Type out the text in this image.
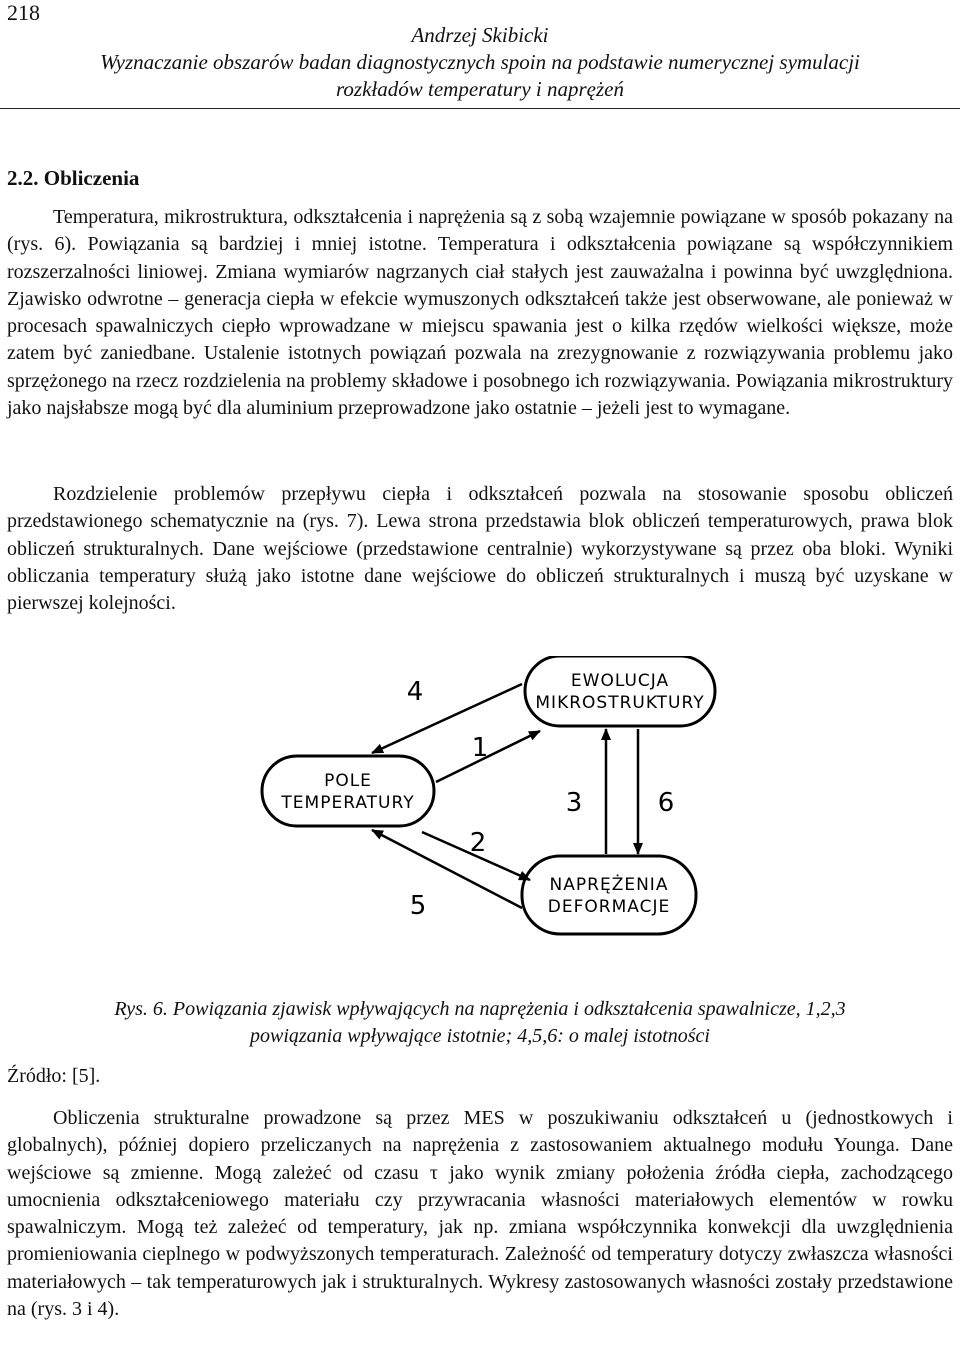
218
Andrzej Skibicki
Wyznaczanie obszarów badan diagnostycznych spoin na podstawie numerycznej symulacji
rozkładów temperatury i naprężeń
2.2. Obliczenia

Temperatura, mikrostruktura, odkształcenia i naprężenia są z sobą wzajemnie powiązane w sposób pokazany na (rys. 6). Powiązania są bardziej i mniej istotne. Temperatura i odkształcenia powiązane są współczynnikiem rozszerzalności liniowej. Zmiana wymiarów nagrzanych ciał stałych jest zauważalna i powinna być uwzględniona. Zjawisko odwrotne – generacja ciepła w efekcie wymuszonych odkształceń także jest obserwowane, ale ponieważ w procesach spawalniczych ciepło wprowadzane w miejscu spawania jest o kilka rzędów wielkości większe, może zatem być zaniedbane. Ustalenie istotnych powiązań pozwala na zrezygnowanie z rozwiązywania problemu jako sprzężonego na rzecz rozdzielenia na problemy składowe i posobnego ich rozwiązywania. Powiązania mikrostruktury jako najsłabsze mogą być dla aluminium przeprowadzone jako ostatnie – jeżeli jest to wymagane.

Rozdzielenie problemów przepływu ciepła i odkształceń pozwala na stosowanie sposobu obliczeń przedstawionego schematycznie na (rys. 7). Lewa strona przedstawia blok obliczeń temperaturowych, prawa blok obliczeń strukturalnych. Dane wejściowe (przedstawione centralnie) wykorzystywane są przez oba bloki. Wyniki obliczania temperatury służą jako istotne dane wejściowe do obliczeń strukturalnych i muszą być uzyskane w pierwszej kolejności.

EWOLUCJA
MIKROSTRUKTURY
POLE
TEMPERATURY
NAPRĘŻENIA
DEFORMACJE
4
1
3	6
2
5
Rys. 6. Powiązania zjawisk wpływających na naprężenia i odkształcenia spawalnicze, 1,2,3
powiązania wpływające istotnie; 4,5,6: o malej istotności
Źródło: [5].

Obliczenia strukturalne prowadzone są przez MES w poszukiwaniu odkształceń u (jednostkowych i globalnych), później dopiero przeliczanych na naprężenia z zastosowaniem aktualnego modułu Younga. Dane wejściowe są zmienne. Mogą zależeć od czasu τ jako wynik zmiany położenia źródła ciepła, zachodzącego umocnienia odkształceniowego materiału czy przywracania własności materiałowych elementów w rowku spawalniczym. Mogą też zależeć od temperatury, jak np. zmiana współczynnika konwekcji dla uwzględnienia promieniowania cieplnego w podwyższonych temperaturach. Zależność od temperatury dotyczy zwłaszcza własności materiałowych – tak temperaturowych jak i strukturalnych. Wykresy zastosowanych własności zostały przedstawione na (rys. 3 i 4).
